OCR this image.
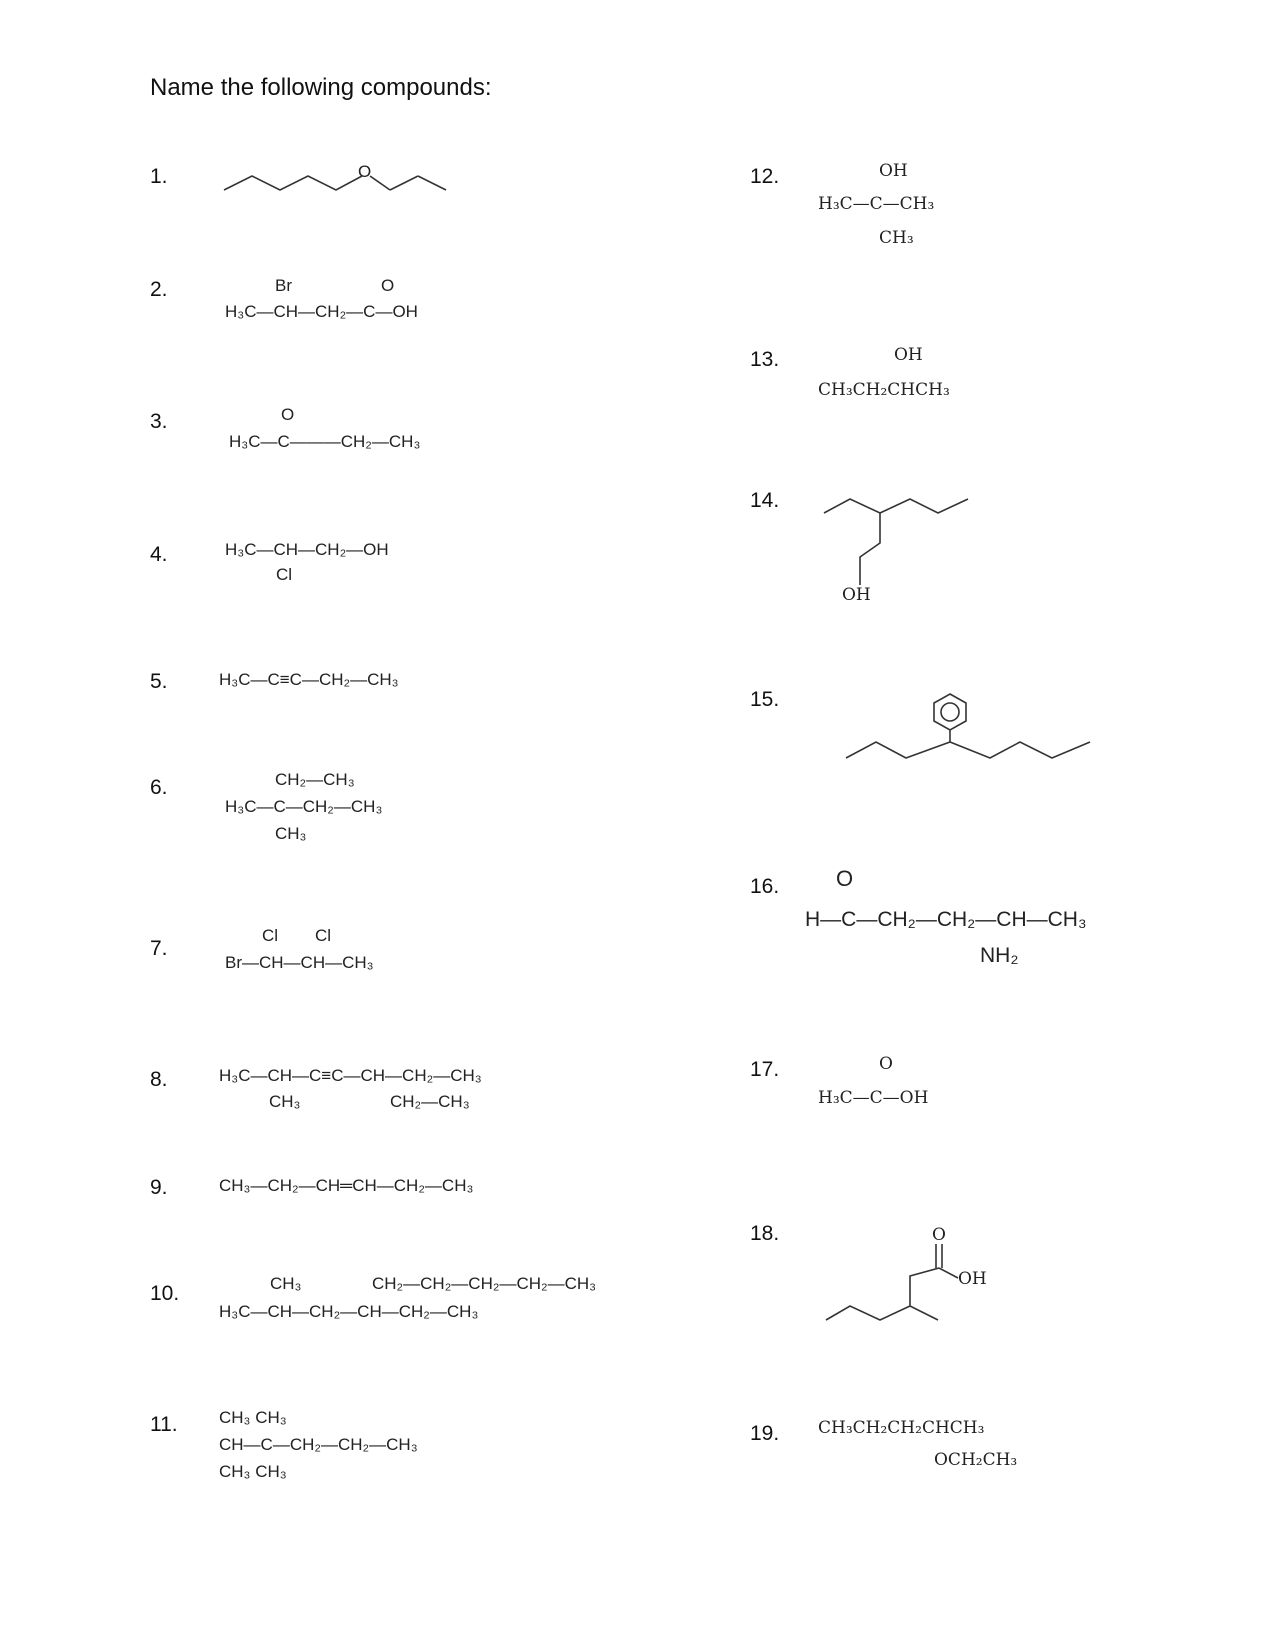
Name the following compounds:
1.
2.
3.
4.
5.
6.
7.
8.
9.
10.
11.
12.
13.
14.
15.
16.
17.
18.
19.
O
Br	O
H₃C—CH—CH₂—C—OH
O
H₃C—C———CH₂—CH₃
H₃C—CH—CH₂—OH
Cl
H₃C—C≡C—CH₂—CH₃
CH₂—CH₃
H₃C—C—CH₂—CH₃
CH₃
Cl Cl
Br—CH—CH—CH₃
H₃C—CH—C≡C—CH—CH₂—CH₃
CH₃	CH₂—CH₃
CH₃—CH₂—CH═CH—CH₂—CH₃
CH₃	CH₂—CH₂—CH₂—CH₂—CH₃
H₃C—CH—CH₂—CH—CH₂—CH₃
CH₃ CH₃
CH—C—CH₂—CH₂—CH₃
CH₃ CH₃
OH
H₃C—C—CH₃
CH₃
OH
CH₃CH₂CHCH₃
OH
O
H—C—CH₂—CH₂—CH—CH₃
NH₂
O
H₃C—C—OH
O
OH
CH₃CH₂CH₂CHCH₃
OCH₂CH₃
